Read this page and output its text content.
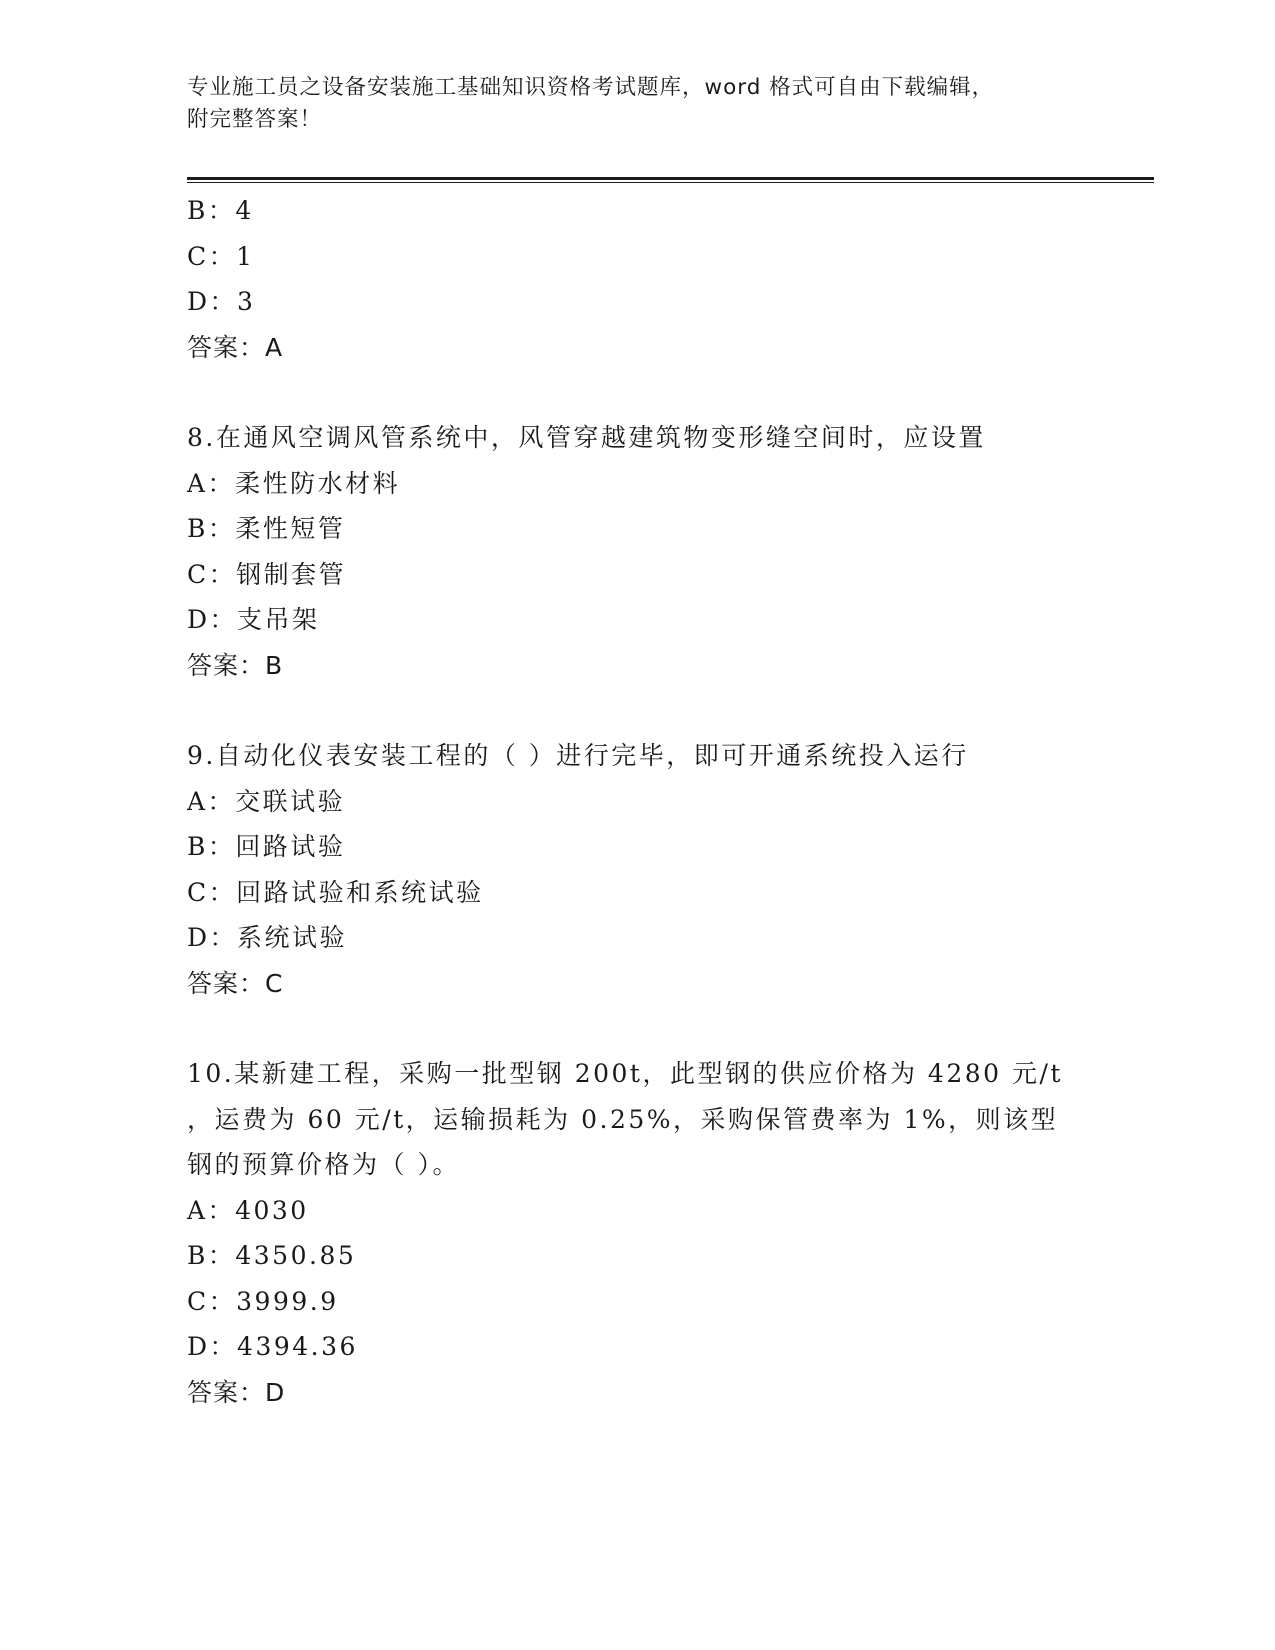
专业施工员之设备安装施工基础知识资格考试题库，word 格式可自由下载编辑，
附完整答案！
B：4
C：1
D：3
答案：A
8.在通风空调风管系统中，风管穿越建筑物变形缝空间时，应设置
A：柔性防水材料
B：柔性短管
C：钢制套管
D：支吊架
答案：B
9.自动化仪表安装工程的（ ）进行完毕，即可开通系统投入运行
A：交联试验
B：回路试验
C：回路试验和系统试验
D：系统试验
答案：C
10.某新建工程，采购一批型钢 200t，此型钢的供应价格为 4280 元/t
，运费为 60 元/t，运输损耗为 0.25%，采购保管费率为 1%，则该型
钢的预算价格为（ ）。
A：4030
B：4350.85
C：3999.9
D：4394.36
答案：D
